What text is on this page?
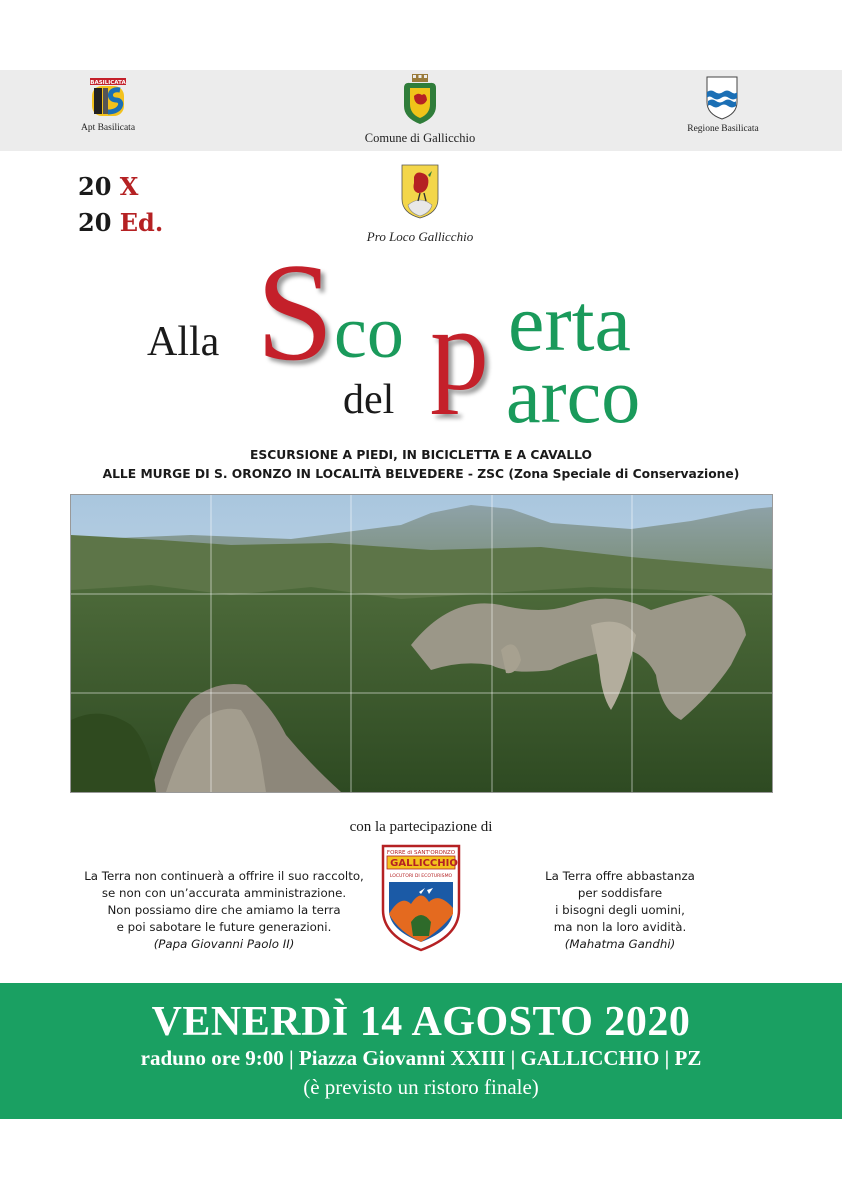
BASILICATA
Apt Basilicata
Comune di Gallicchio
Regione Basilicata
20 X
20 Ed.	Pro Loco Gallicchio
Alla S co p erta
del arco
ESCURSIONE A PIEDI, IN BICICLETTA E A CAVALLO
ALLE MURGE DI S. ORONZO IN LOCALITÀ BELVEDERE - ZSC (Zona Speciale di Conservazione)
con la partecipazione di
La Terra non continuerà a offrire il suo raccolto,
se non con un’accurata amministrazione.
Non possiamo dire che amiamo la terra
e poi sabotare le future generazioni.
(Papa Giovanni Paolo II)
FORRE di SANT'ORONZO
GALLICCHIO
LOCUTORI DI ECOTURISMO	La Terra offre abbastanza
per soddisfare
i bisogni degli uomini,
ma non la loro avidità.
(Mahatma Gandhi)
VENERDÌ 14 AGOSTO 2020
raduno ore 9:00 | Piazza Giovanni XXIII | GALLICCHIO | PZ
(è previsto un ristoro finale)
